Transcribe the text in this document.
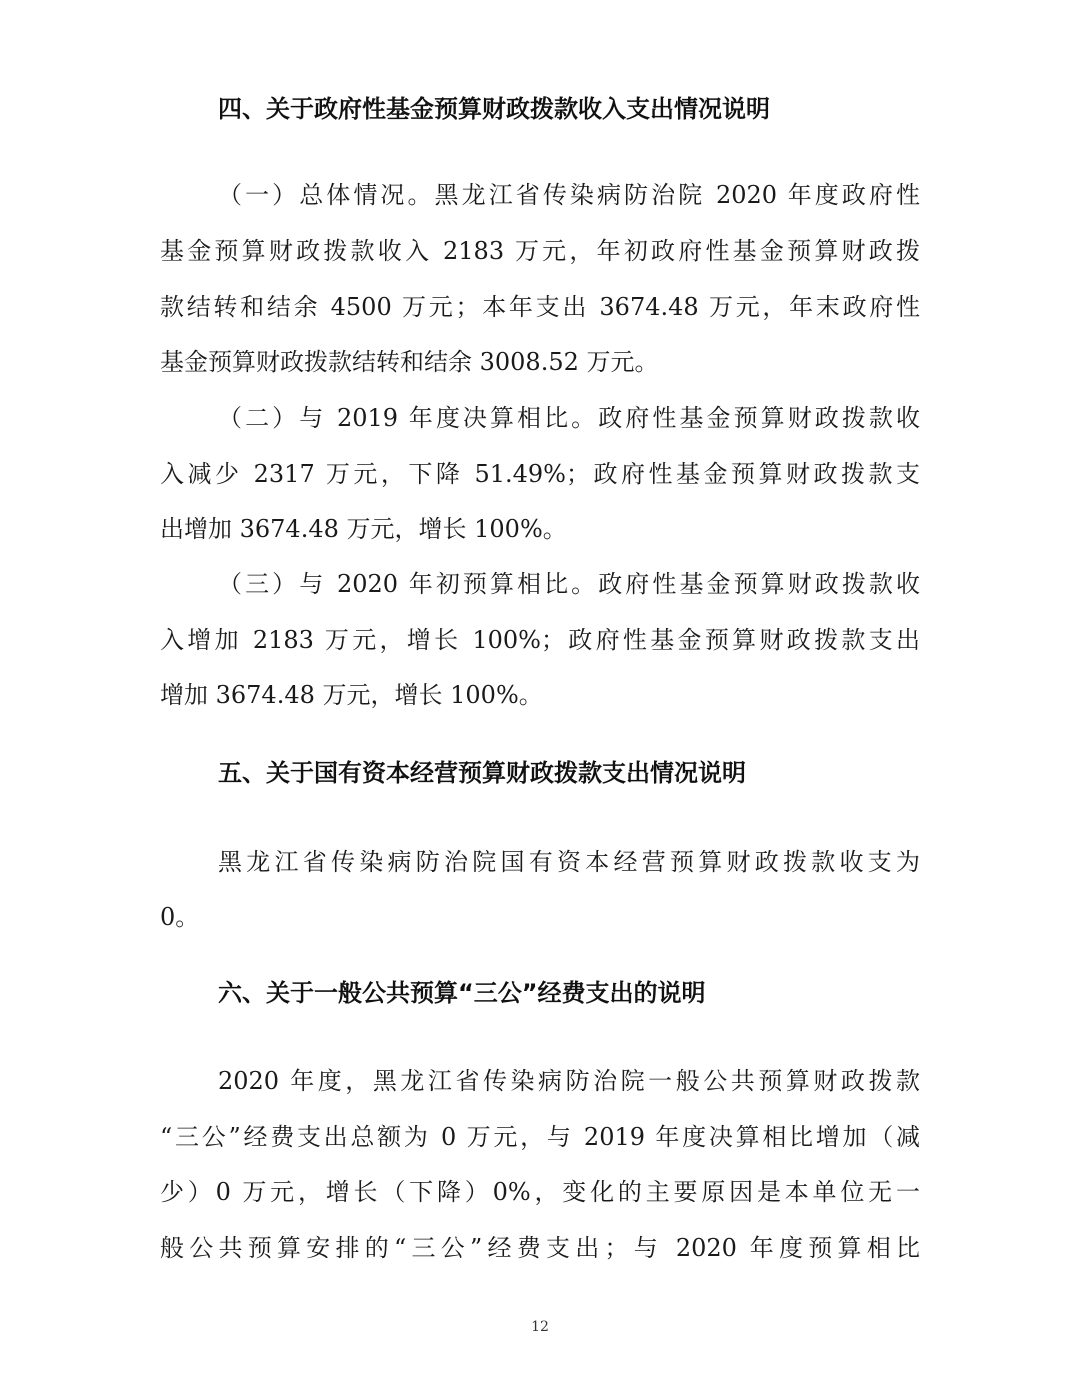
四、关于政府性基金预算财政拨款收入支出情况说明
（一）总体情况。黑龙江省传染病防治院 2020 年度政府性
基金预算财政拨款收入 2183 万元，年初政府性基金预算财政拨
款结转和结余 4500 万元；本年支出 3674.48 万元，年末政府性
基金预算财政拨款结转和结余 3008.52 万元。
（二）与 2019 年度决算相比。政府性基金预算财政拨款收
入减少 2317 万元，下降 51.49%；政府性基金预算财政拨款支
出增加 3674.48 万元，增长 100%。
（三）与 2020 年初预算相比。政府性基金预算财政拨款收
入增加 2183 万元，增长 100%；政府性基金预算财政拨款支出
增加 3674.48 万元，增长 100%。
五、关于国有资本经营预算财政拨款支出情况说明
黑龙江省传染病防治院国有资本经营预算财政拨款收支为
0。
六、关于一般公共预算“三公”经费支出的说明
2020 年度，黑龙江省传染病防治院一般公共预算财政拨款
“三公”经费支出总额为 0 万元，与 2019 年度决算相比增加（减
少）0 万元，增长（下降）0%，变化的主要原因是本单位无一
般公共预算安排的“三公”经费支出；与 2020 年度预算相比
12
